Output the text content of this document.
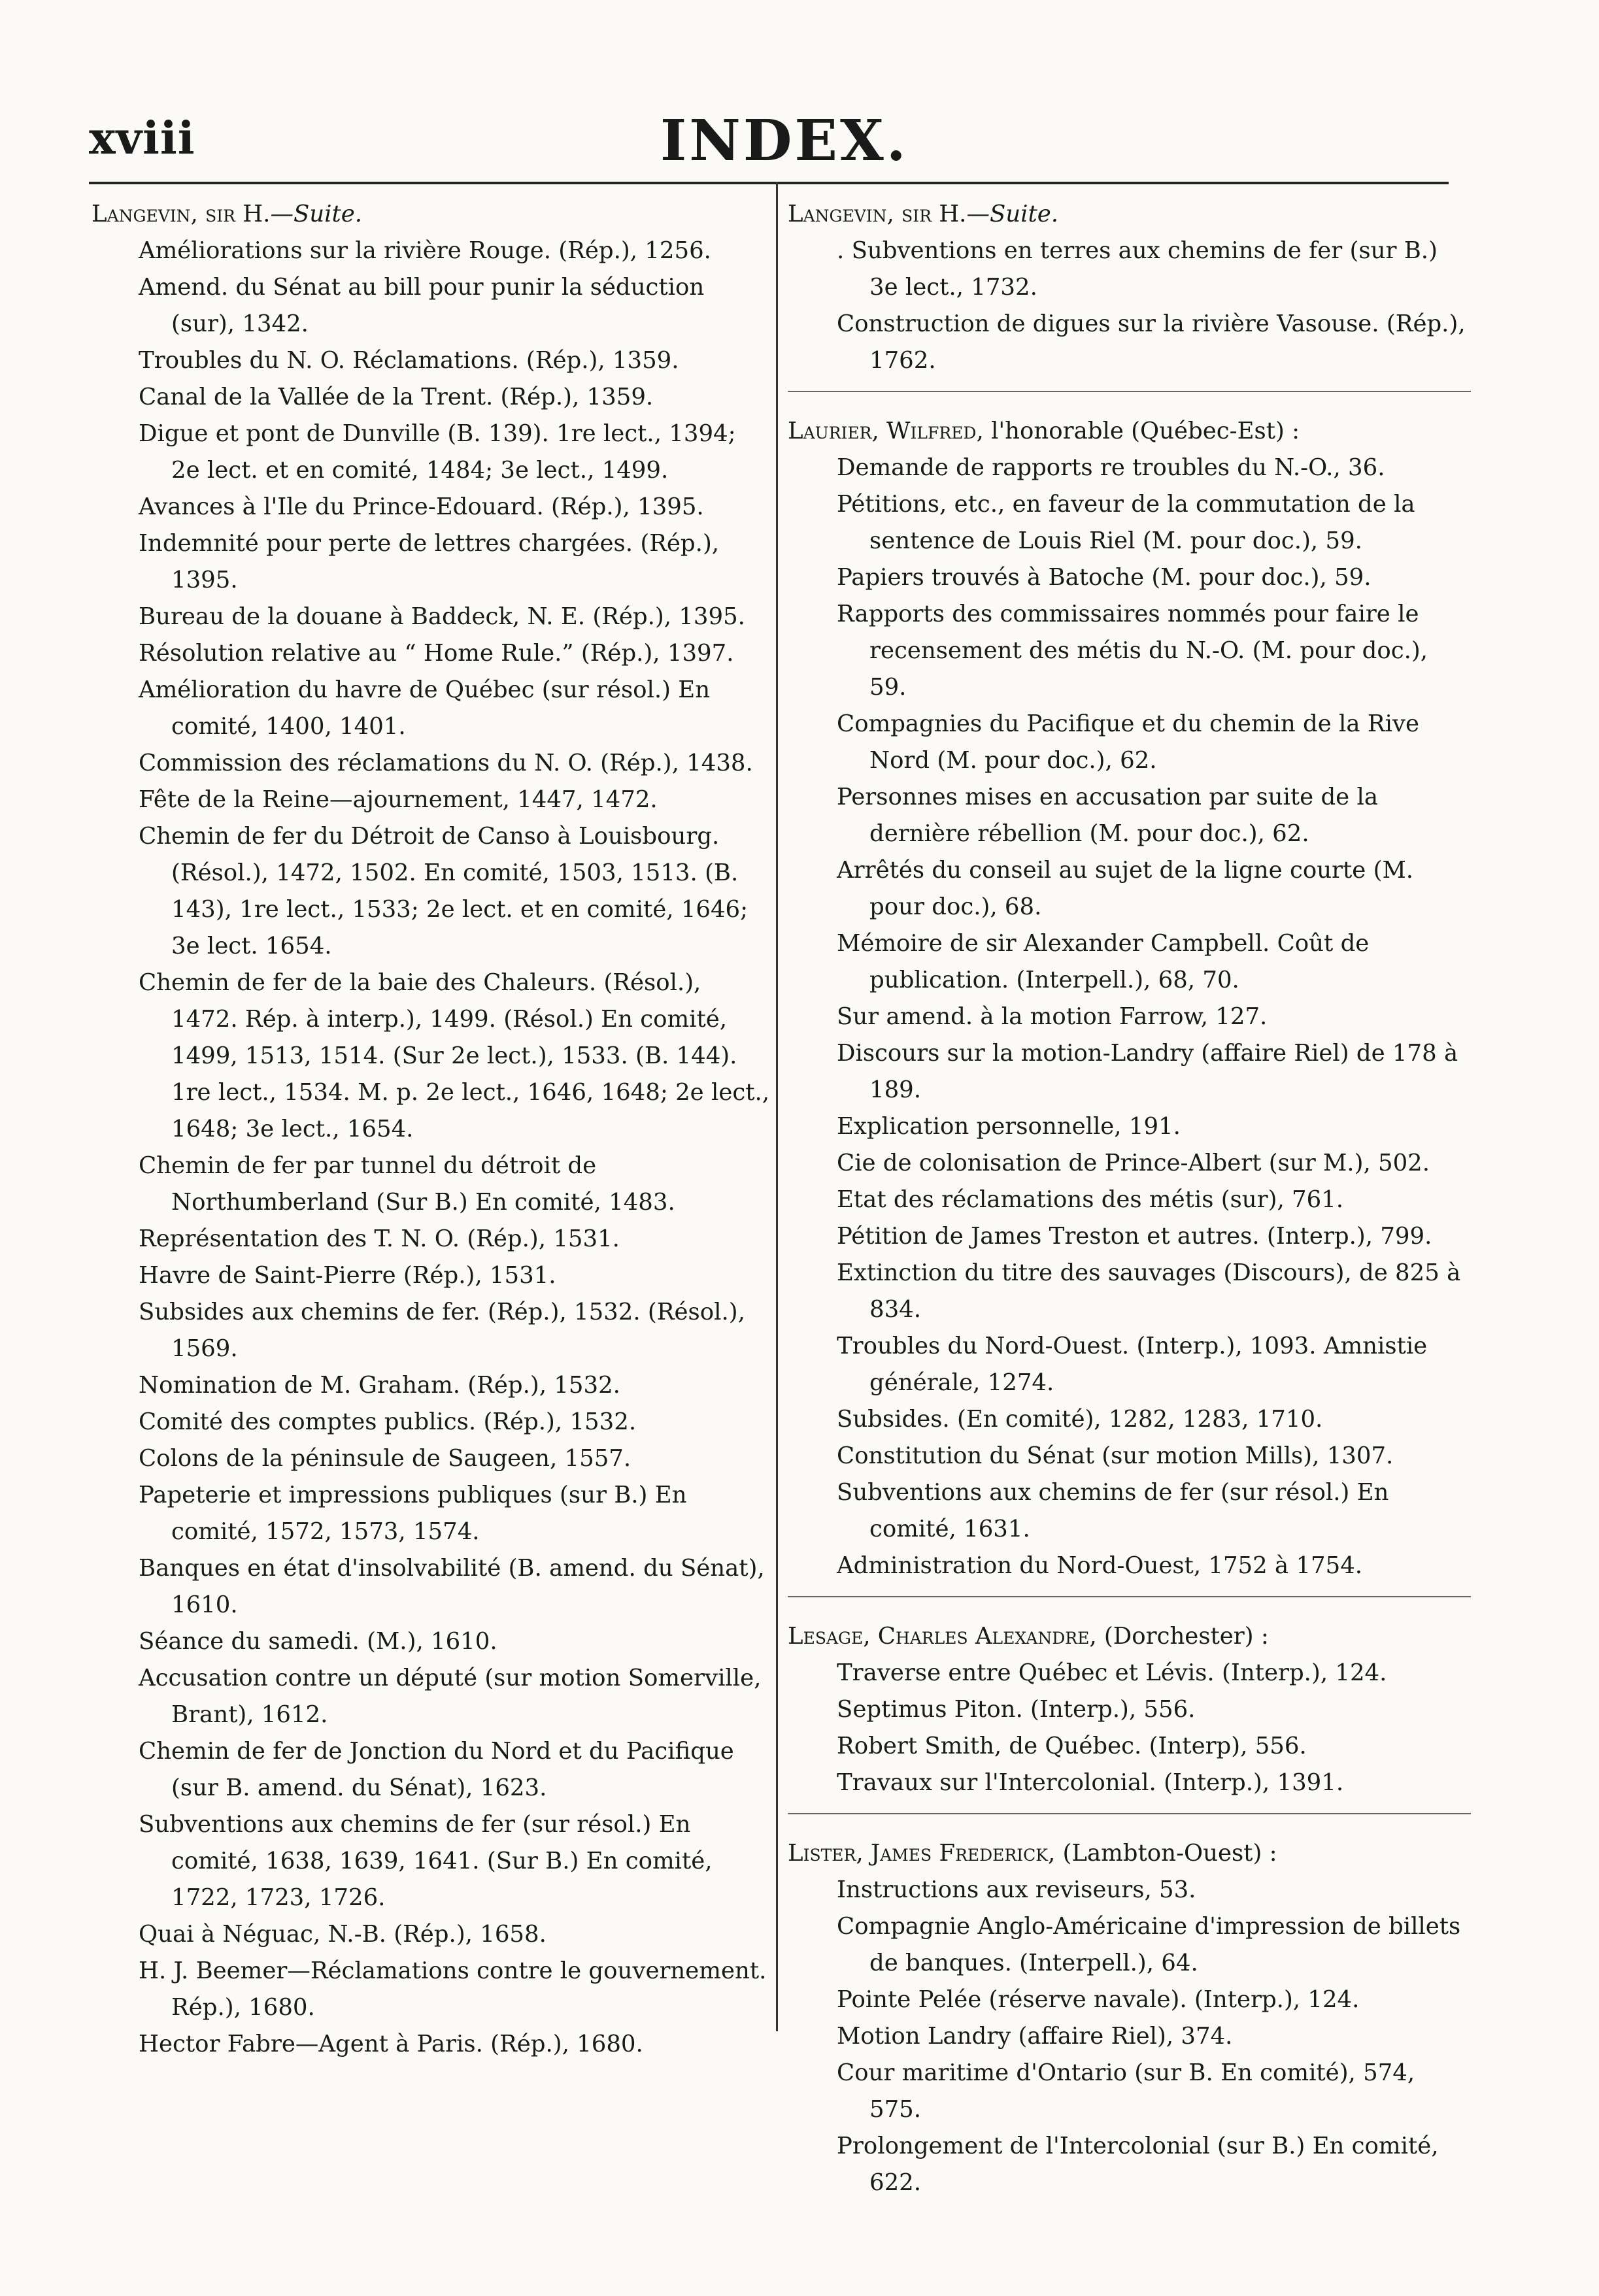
xviii	INDEX.

Langevin, sir H.—Suite.

Améliorations sur la rivière Rouge. (Rép.), 1256.

Amend. du Sénat au bill pour punir la séduction (sur), 1342.

Troubles du N. O. Réclamations. (Rép.), 1359.

Canal de la Vallée de la Trent. (Rép.), 1359.

Digue et pont de Dunville (B. 139). 1re lect., 1394; 2e lect. et en comité, 1484; 3e lect., 1499.

Avances à l'Ile du Prince-Edouard. (Rép.), 1395.

Indemnité pour perte de lettres chargées. (Rép.), 1395.

Bureau de la douane à Baddeck, N. E. (Rép.), 1395.

Résolution relative au “ Home Rule.” (Rép.), 1397.

Amélioration du havre de Québec (sur résol.) En comité, 1400, 1401.

Commission des réclamations du N. O. (Rép.), 1438.

Fête de la Reine—ajournement, 1447, 1472.

Chemin de fer du Détroit de Canso à Louisbourg. (Résol.), 1472, 1502. En comité, 1503, 1513. (B. 143), 1re lect., 1533; 2e lect. et en comité, 1646; 3e lect. 1654.

Chemin de fer de la baie des Chaleurs. (Résol.), 1472. Rép. à interp.), 1499. (Résol.) En comité, 1499, 1513, 1514. (Sur 2e lect.), 1533. (B. 144). 1re lect., 1534. M. p. 2e lect., 1646, 1648; 2e lect., 1648; 3e lect., 1654.

Chemin de fer par tunnel du détroit de Northumberland (Sur B.) En comité, 1483.

Représentation des T. N. O. (Rép.), 1531.

Havre de Saint-Pierre (Rép.), 1531.

Subsides aux chemins de fer. (Rép.), 1532. (Résol.), 1569.

Nomination de M. Graham. (Rép.), 1532.

Comité des comptes publics. (Rép.), 1532.

Colons de la péninsule de Saugeen, 1557.

Papeterie et impressions publiques (sur B.) En comité, 1572, 1573, 1574.

Banques en état d'insolvabilité (B. amend. du Sénat), 1610.

Séance du samedi. (M.), 1610.

Accusation contre un député (sur motion Somerville, Brant), 1612.

Chemin de fer de Jonction du Nord et du Pacifique (sur B. amend. du Sénat), 1623.

Subventions aux chemins de fer (sur résol.) En comité, 1638, 1639, 1641. (Sur B.) En comité, 1722, 1723, 1726.

Quai à Néguac, N.-B. (Rép.), 1658.

H. J. Beemer—Réclamations contre le gouvernement. Rép.), 1680.

Hector Fabre—Agent à Paris. (Rép.), 1680.

Langevin, sir H.—Suite.

. Subventions en terres aux chemins de fer (sur B.) 3e lect., 1732.

Construction de digues sur la rivière Vasouse. (Rép.), 1762.

Laurier, Wilfred, l'honorable (Québec-Est) :

Demande de rapports re troubles du N.-O., 36.

Pétitions, etc., en faveur de la commutation de la sentence de Louis Riel (M. pour doc.), 59.

Papiers trouvés à Batoche (M. pour doc.), 59.

Rapports des commissaires nommés pour faire le recensement des métis du N.-O. (M. pour doc.), 59.

Compagnies du Pacifique et du chemin de la Rive Nord (M. pour doc.), 62.

Personnes mises en accusation par suite de la dernière rébellion (M. pour doc.), 62.

Arrêtés du conseil au sujet de la ligne courte (M. pour doc.), 68.

Mémoire de sir Alexander Campbell. Coût de publication. (Interpell.), 68, 70.

Sur amend. à la motion Farrow, 127.

Discours sur la motion-Landry (affaire Riel) de 178 à 189.

Explication personnelle, 191.

Cie de colonisation de Prince-Albert (sur M.), 502.

Etat des réclamations des métis (sur), 761.

Pétition de James Treston et autres. (Interp.), 799.

Extinction du titre des sauvages (Discours), de 825 à 834.

Troubles du Nord-Ouest. (Interp.), 1093. Amnistie générale, 1274.

Subsides. (En comité), 1282, 1283, 1710.

Constitution du Sénat (sur motion Mills), 1307.

Subventions aux chemins de fer (sur résol.) En comité, 1631.

Administration du Nord-Ouest, 1752 à 1754.

Lesage, Charles Alexandre, (Dorchester) :

Traverse entre Québec et Lévis. (Interp.), 124.

Septimus Piton. (Interp.), 556.

Robert Smith, de Québec. (Interp), 556.

Travaux sur l'Intercolonial. (Interp.), 1391.

Lister, James Frederick, (Lambton-Ouest) :

Instructions aux reviseurs, 53.

Compagnie Anglo-Américaine d'impression de billets de banques. (Interpell.), 64.

Pointe Pelée (réserve navale). (Interp.), 124.

Motion Landry (affaire Riel), 374.

Cour maritime d'Ontario (sur B. En comité), 574, 575.

Prolongement de l'Intercolonial (sur B.) En comité, 622.
